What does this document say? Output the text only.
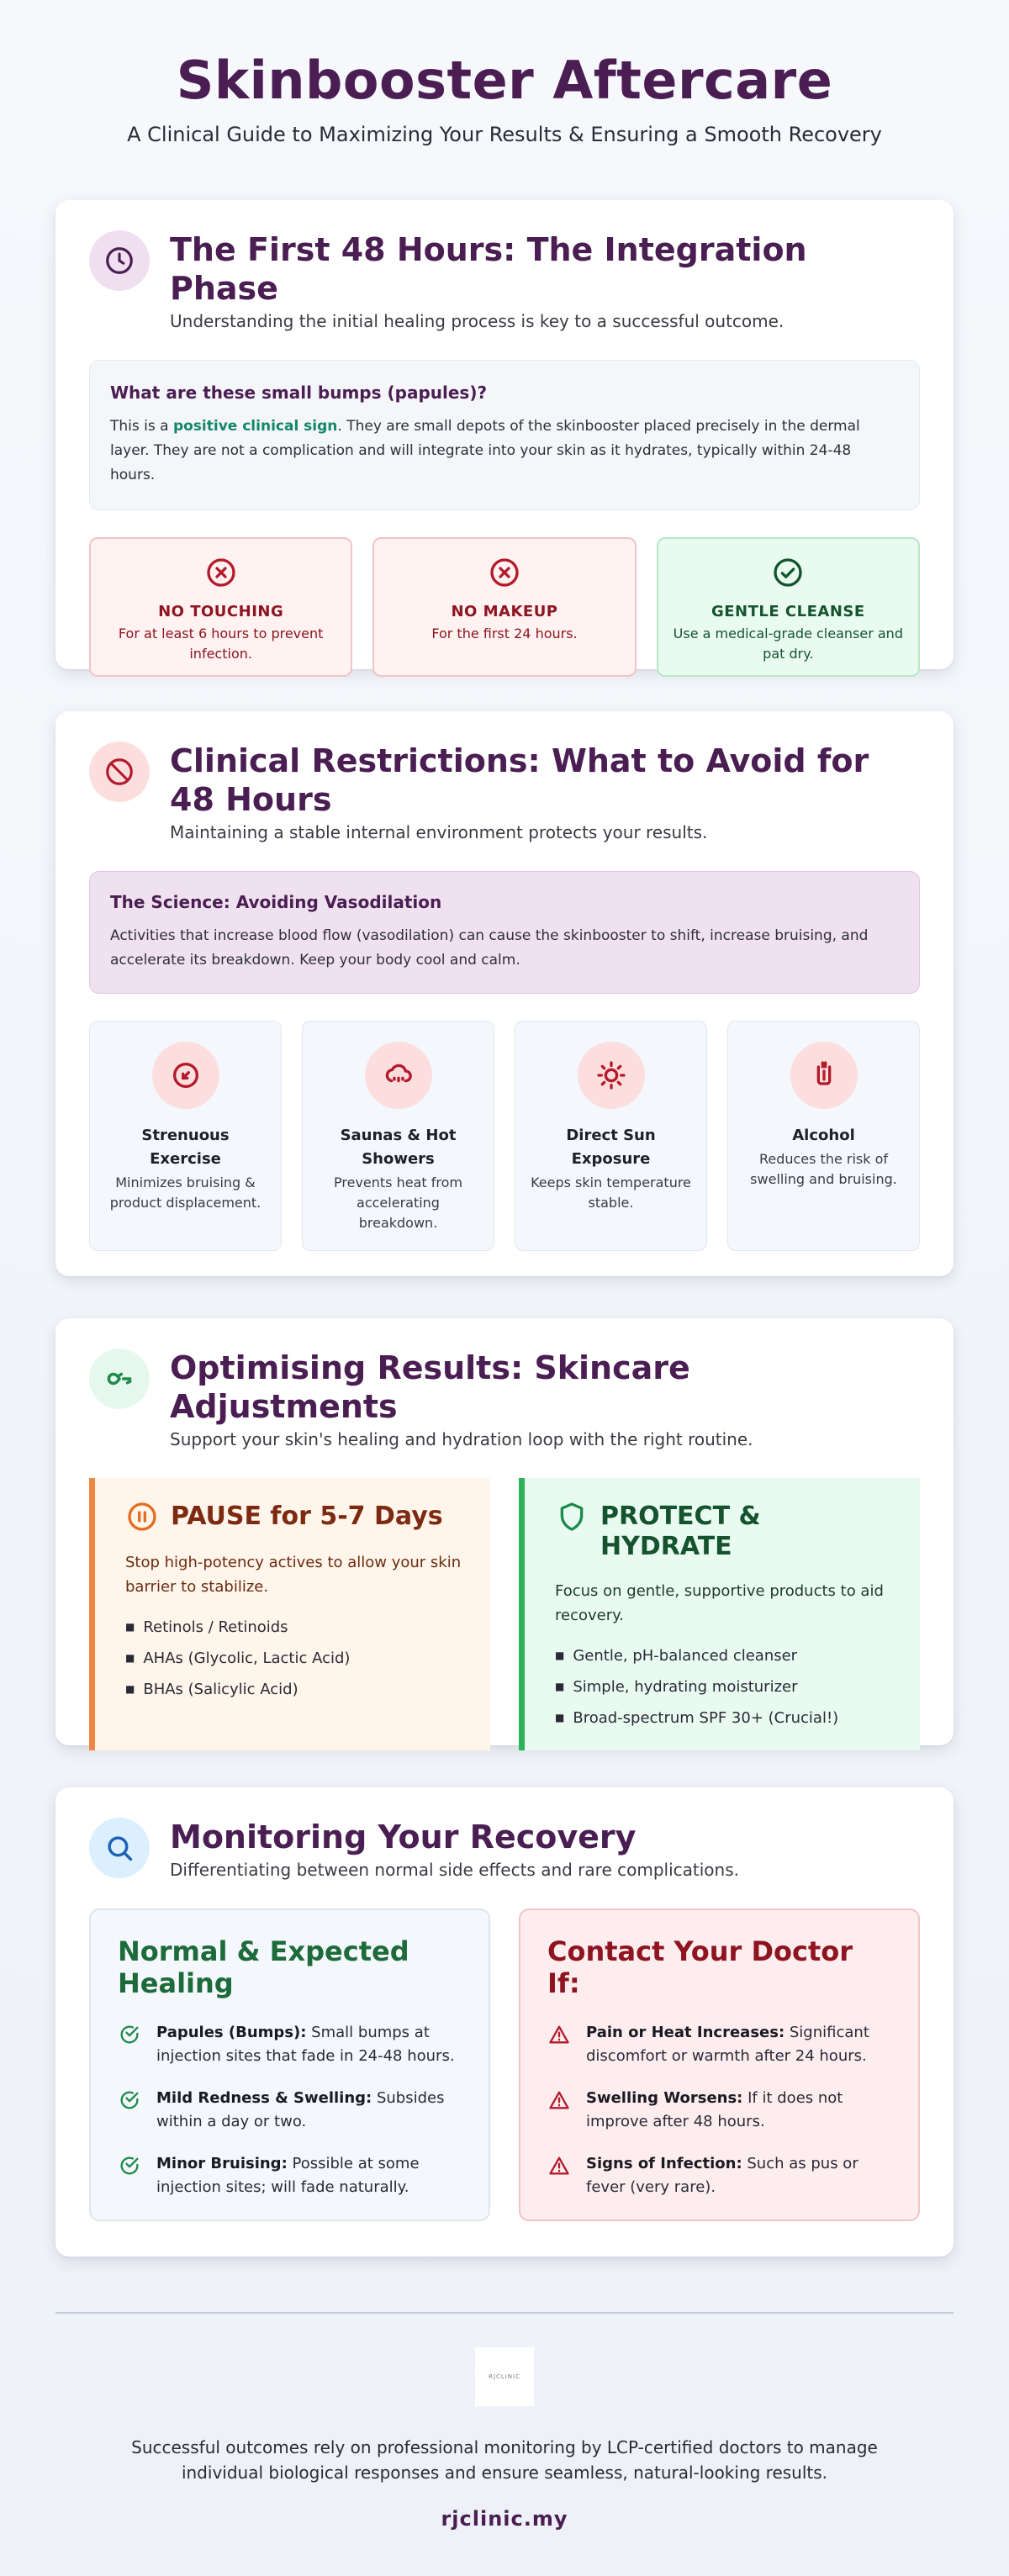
Skinbooster Aftercare

A Clinical Guide to Maximizing Your Results & Ensuring a Smooth Recovery

The First 48 Hours: The Integration Phase

Understanding the initial healing process is key to a successful outcome.

What are these small bumps (papules)?

This is a positive clinical sign. They are small depots of the skinbooster placed precisely in the dermal layer. They are not a complication and will integrate into your skin as it hydrates, typically within 24-48 hours.

NO TOUCHING
For at least 6 hours to prevent infection.
NO MAKEUP
For the first 24 hours.
GENTLE CLEANSE
Use a medical-grade cleanser and pat dry.
Clinical Restrictions: What to Avoid for 48 Hours

Maintaining a stable internal environment protects your results.

The Science: Avoiding Vasodilation

Activities that increase blood flow (vasodilation) can cause the skinbooster to shift, increase bruising, and accelerate its breakdown. Keep your body cool and calm.

Strenuous Exercise
Minimizes bruising & product displacement.
Saunas & Hot Showers
Prevents heat from accelerating breakdown.
Direct Sun Exposure
Keeps skin temperature stable.
Alcohol
Reduces the risk of swelling and bruising.
Optimising Results: Skincare Adjustments

Support your skin's healing and hydration loop with the right routine.

PAUSE for 5-7 Days

Stop high-potency actives to allow your skin barrier to stabilize.

■ Retinols / Retinoids
■ AHAs (Glycolic, Lactic Acid)
■ BHAs (Salicylic Acid)
PROTECT & HYDRATE

Focus on gentle, supportive products to aid recovery.

■ Gentle, pH-balanced cleanser
■ Simple, hydrating moisturizer
■ Broad-spectrum SPF 30+ (Crucial!)
Monitoring Your Recovery

Differentiating between normal side effects and rare complications.

Normal & Expected Healing

Papules (Bumps): Small bumps at injection sites that fade in 24-48 hours.

Mild Redness & Swelling: Subsides within a day or two.

Minor Bruising: Possible at some injection sites; will fade naturally.

Contact Your Doctor If:

Pain or Heat Increases: Significant discomfort or warmth after 24 hours.

Swelling Worsens: If it does not improve after 48 hours.

Signs of Infection: Such as pus or fever (very rare).

RJCLINIC

Successful outcomes rely on professional monitoring by LCP-certified doctors to manage individual biological responses and ensure seamless, natural-looking results.

rjclinic.my
